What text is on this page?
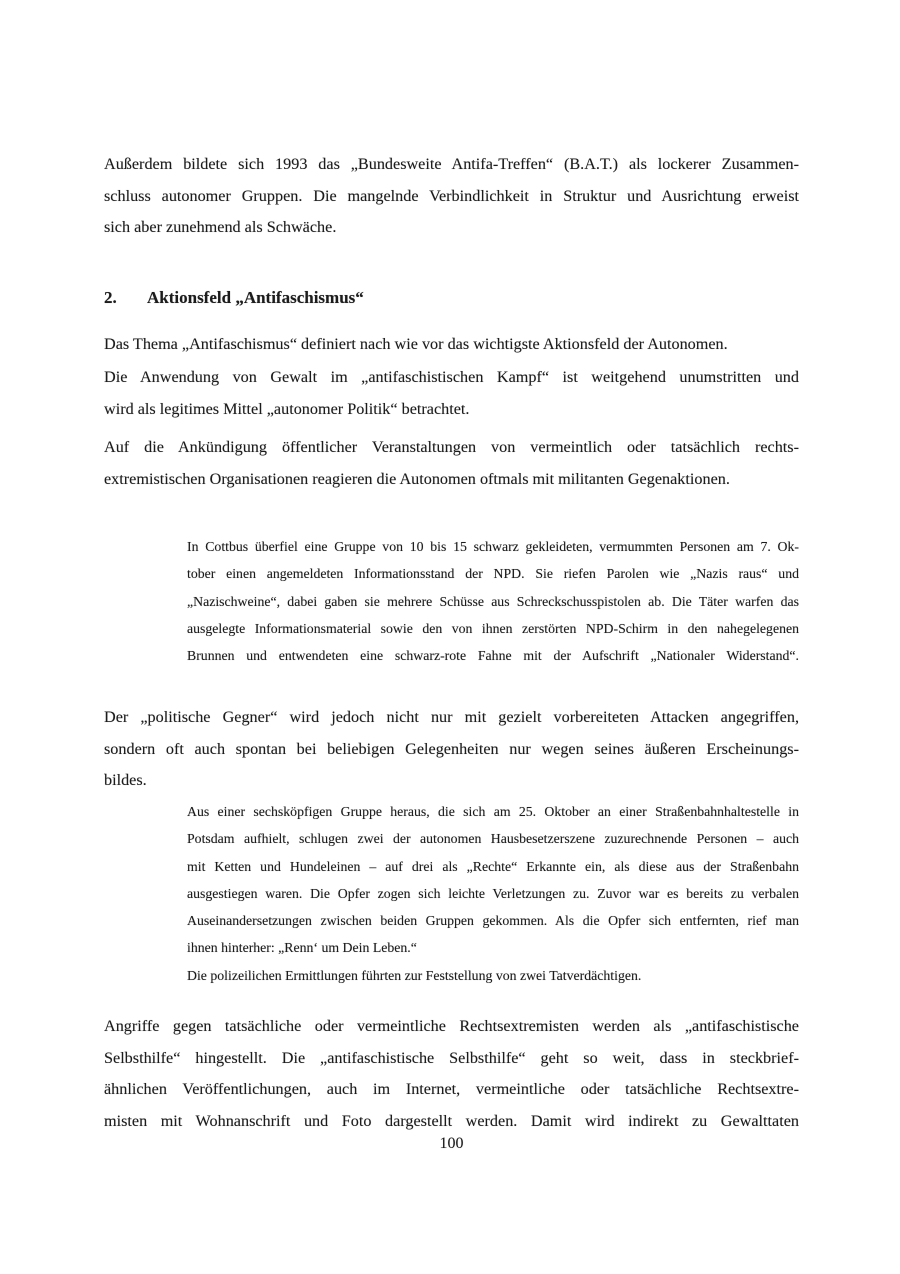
Außerdem bildete sich 1993 das „Bundesweite Antifa-Treffen“ (B.A.T.) als lockerer Zusammen-
schluss autonomer Gruppen. Die mangelnde Verbindlichkeit in Struktur und Ausrichtung erweist
sich aber zunehmend als Schwäche.
2.	Aktionsfeld „Antifaschismus“
Das Thema „Antifaschismus“ definiert nach wie vor das wichtigste Aktionsfeld der Autonomen.
Die Anwendung von Gewalt im „antifaschistischen Kampf“ ist weitgehend unumstritten und
wird als legitimes Mittel „autonomer Politik“ betrachtet.
Auf die Ankündigung öffentlicher Veranstaltungen von vermeintlich oder tatsächlich rechts-
extremistischen Organisationen reagieren die Autonomen oftmals mit militanten Gegenaktionen.
In Cottbus überfiel eine Gruppe von 10 bis 15 schwarz gekleideten, vermummten Personen am 7. Ok-
tober einen angemeldeten Informationsstand der NPD. Sie riefen Parolen wie „Nazis raus“ und
„Nazischweine“, dabei gaben sie mehrere Schüsse aus Schreckschusspistolen ab. Die Täter warfen das
ausgelegte Informationsmaterial sowie den von ihnen zerstörten NPD-Schirm in den nahegelegenen
Brunnen und entwendeten eine schwarz-rote Fahne mit der Aufschrift „Nationaler Widerstand“.
Der „politische Gegner“ wird jedoch nicht nur mit gezielt vorbereiteten Attacken angegriffen,
sondern oft auch spontan bei beliebigen Gelegenheiten nur wegen seines äußeren Erscheinungs-
bildes.
Aus einer sechsköpfigen Gruppe heraus, die sich am 25. Oktober an einer Straßenbahnhaltestelle in
Potsdam aufhielt, schlugen zwei der autonomen Hausbesetzerszene zuzurechnende Personen – auch
mit Ketten und Hundeleinen – auf drei als „Rechte“ Erkannte ein, als diese aus der Straßenbahn
ausgestiegen waren. Die Opfer zogen sich leichte Verletzungen zu. Zuvor war es bereits zu verbalen
Auseinandersetzungen zwischen beiden Gruppen gekommen. Als die Opfer sich entfernten, rief man
ihnen hinterher: „Renn‘ um Dein Leben.“
Die polizeilichen Ermittlungen führten zur Feststellung von zwei Tatverdächtigen.
Angriffe gegen tatsächliche oder vermeintliche Rechtsextremisten werden als „antifaschistische
Selbsthilfe“ hingestellt. Die „antifaschistische Selbsthilfe“ geht so weit, dass in steckbrief-
ähnlichen Veröffentlichungen, auch im Internet, vermeintliche oder tatsächliche Rechtsextre-
misten mit Wohnanschrift und Foto dargestellt werden. Damit wird indirekt zu Gewalttaten
100
